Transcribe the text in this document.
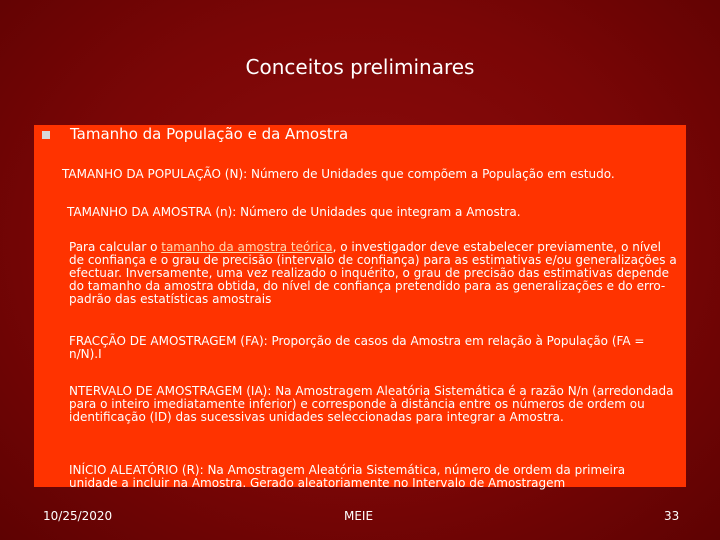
Conceitos preliminares
Tamanho da População e da Amostra
TAMANHO DA POPULAÇÃO (N): Número de Unidades que compõem a População em estudo.
TAMANHO DA AMOSTRA (n): Número de Unidades que integram a Amostra.
Para calcular o tamanho da amostra teórica, o investigador deve estabelecer previamente, o nível de confiança e o grau de precisão (intervalo de confiança) para as estimativas e/ou generalizações a efectuar. Inversamente, uma vez realizado o inquérito, o grau de precisão das estimativas depende do tamanho da amostra obtida, do nível de confiança pretendido para as generalizações e do erro-padrão das estatísticas amostrais
FRACÇÃO DE AMOSTRAGEM (FA): Proporção de casos da Amostra em relação à População (FA = n/N).I
NTERVALO DE AMOSTRAGEM (IA): Na Amostragem Aleatória Sistemática é a razão N/n (arredondada para o inteiro imediatamente inferior) e corresponde à distância entre os números de ordem ou identificação (ID) das sucessivas unidades seleccionadas para integrar a Amostra.
INÍCIO ALEATÓRIO (R): Na Amostragem Aleatória Sistemática, número de ordem da primeira unidade a incluir na Amostra. Gerado aleatoriamente no Intervalo de Amostragem
10/25/2020	MEIE	33
